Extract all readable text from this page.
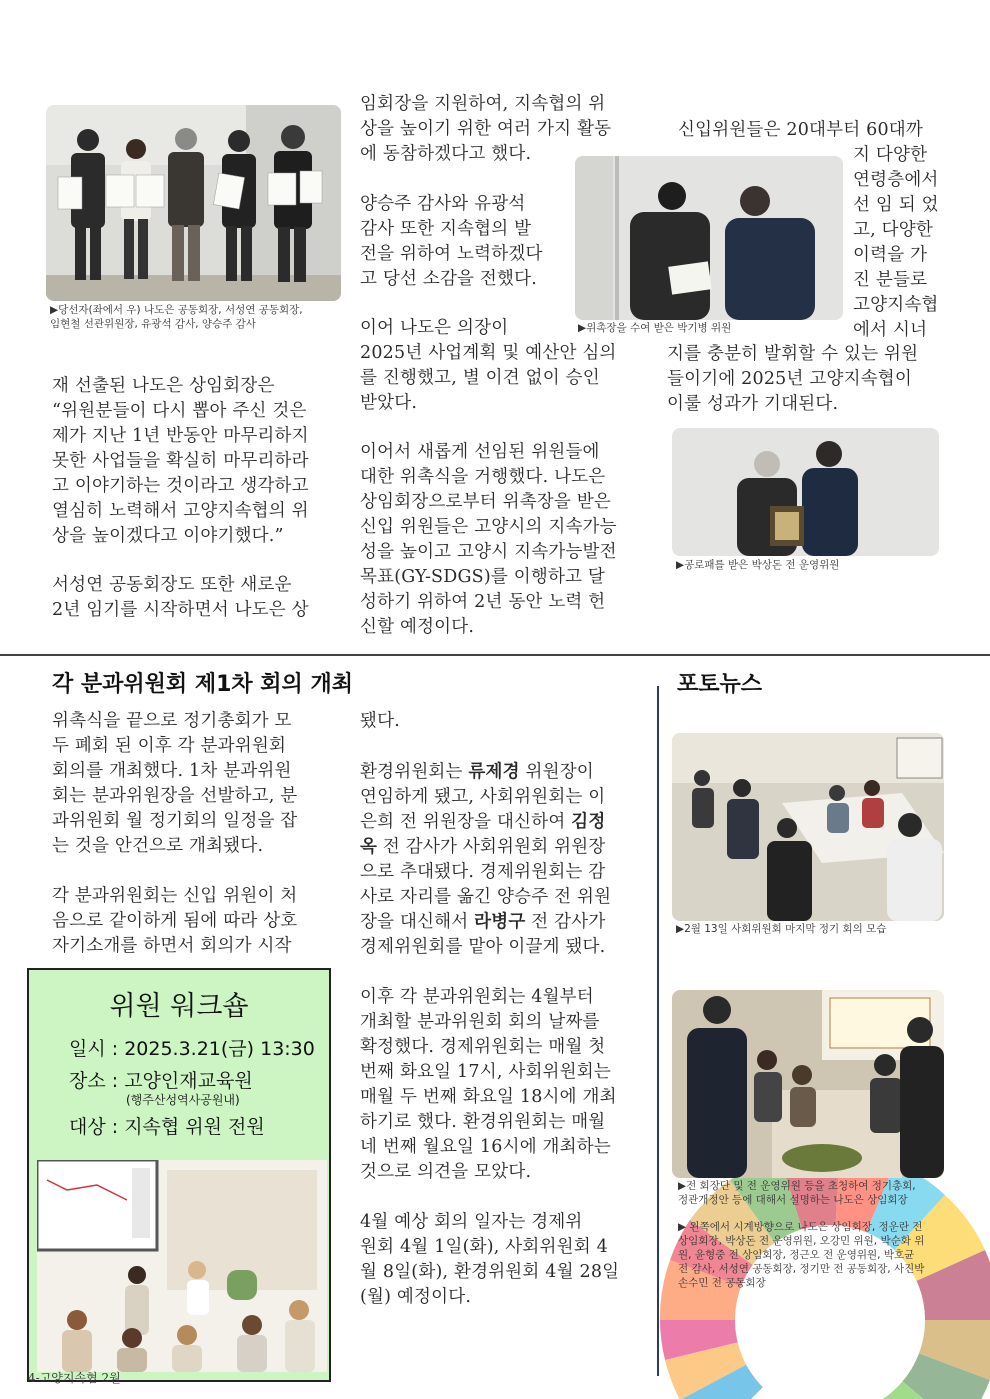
▶당선자(좌에서 우) 나도은 공동회장, 서성연 공동회장,
임현철 선관위원장, 유광석 감사, 양승주 감사
재 선출된 나도은 상임회장은
“위원분들이 다시 뽑아 주신 것은
제가 지난 1년 반동안 마무리하지
못한 사업들을 확실히 마무리하라
고 이야기하는 것이라고 생각하고
열심히 노력해서 고양지속협의 위
상을 높이겠다고 이야기했다.”
서성연 공동회장도 또한 새로운
2년 임기를 시작하면서 나도은 상
임회장을 지원하여, 지속협의 위
상을 높이기 위한 여러 가지 활동
에 동참하겠다고 했다.
양승주 감사와 유광석
감사 또한 지속협의 발
전을 위하여 노력하겠다
고 당선 소감을 전했다.
이어 나도은 의장이
2025년 사업계획 및 예산안 심의
를 진행했고, 별 이견 없이 승인
받았다.
이어서 새롭게 선임된 위원들에
대한 위촉식을 거행했다. 나도은
상임회장으로부터 위촉장을 받은
신입 위원들은 고양시의 지속가능
성을 높이고 고양시 지속가능발전
목표(GY-SDGS)를 이행하고 달
성하기 위하여 2년 동안 노력 헌
신할 예정이다.
▶위촉장을 수여 받은 박기병 위원
신입위원들은 20대부터 60대까
지 다양한
연령층에서
선 임 되 었
고, 다양한
이력을 가
진 분들로
고양지속협
에서 시너
지를 충분히 발휘할 수 있는 위원
들이기에 2025년 고양지속협이
이룰 성과가 기대된다.
▶공로패를 받은 박상돈 전 운영위원
각 분과위원회 제1차 회의 개최	포토뉴스
위촉식을 끝으로 정기총회가 모
두 폐회 된 이후 각 분과위원회
회의를 개최했다. 1차 분과위원
회는 분과위원장을 선발하고, 분
과위원회 월 정기회의 일정을 잡
는 것을 안건으로 개최됐다.
각 분과위원회는 신입 위원이 처
음으로 같이하게 됨에 따라 상호
자기소개를 하면서 회의가 시작
됐다.
환경위원회는 류제경 위원장이
연임하게 됐고, 사회위원회는 이
은희 전 위원장을 대신하여 김정
옥 전 감사가 사회위원회 위원장
으로 추대됐다. 경제위원회는 감
사로 자리를 옮긴 양승주 전 위원
장을 대신해서 라병구 전 감사가
경제위원회를 맡아 이끌게 됐다.
이후 각 분과위원회는 4월부터
개최할 분과위원회 회의 날짜를
확정했다. 경제위원회는 매월 첫
번째 화요일 17시, 사회위원회는
매월 두 번째 화요일 18시에 개최
하기로 했다. 환경위원회는 매월
네 번째 월요일 16시에 개최하는
것으로 의견을 모았다.
4월 예상 회의 일자는 경제위
원회 4월 1일(화), 사회위원회 4
월 8일(화), 환경위원회 4월 28일
(월) 예정이다.
위원 워크숍
일시 : 2025.3.21(금) 13:30
장소 : 고양인재교육원
(행주산성역사공원내)
대상 : 지속협 위원 전원
▶2월 13일 사회위원회 마지막 정기 회의 모습
▶전 회장단 및 전 운영위원 등을 초청하여 정기총회,
정관개정안 등에 대해서 설명하는 나도은 상임회장
▶ 왼쪽에서 시계방향으로 나도은 상임회장, 정운란 전
상임회장, 박상돈 전 운영위원, 오강민 위원, 박순화 위
원, 윤형중 전 상임회장, 정근오 전 운영위원, 박호균
전 감사, 서성연 공동회장, 정기만 전 공동회장, 사진박
손수민 전 공동회장
4-고양지속협 2월
